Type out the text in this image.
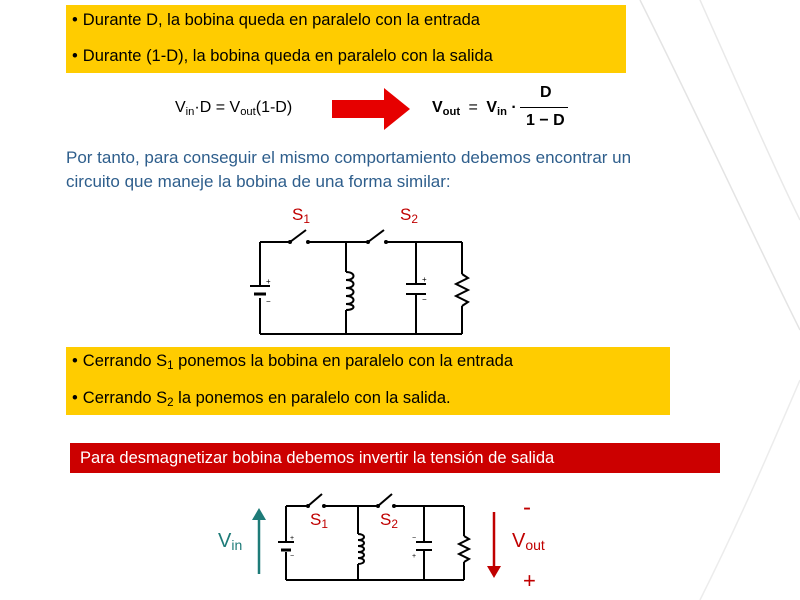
• Durante D, la bobina queda en paralelo con la entrada
• Durante (1-D), la bobina queda en paralelo con la salida
$V_{in}\cdot D = V_{out}(1-D)$	$V_{out} = V_{in}$ ·
D
1 − D
Por tanto, para conseguir el mismo comportamiento debemos encontrar un
circuito que maneje la bobina de una forma similar:
$S_1$	$S_2$
+
−
+
−
• Cerrando $S_1$ ponemos la bobina en paralelo con la entrada
• Cerrando $S_2$ la ponemos en paralelo con la salida.
Para desmagnetizar bobina debemos invertir la tensión de salida
$V_{in}$
$S_1$	$S_2$
$V_{out}$
-
+
+
−
−
+
